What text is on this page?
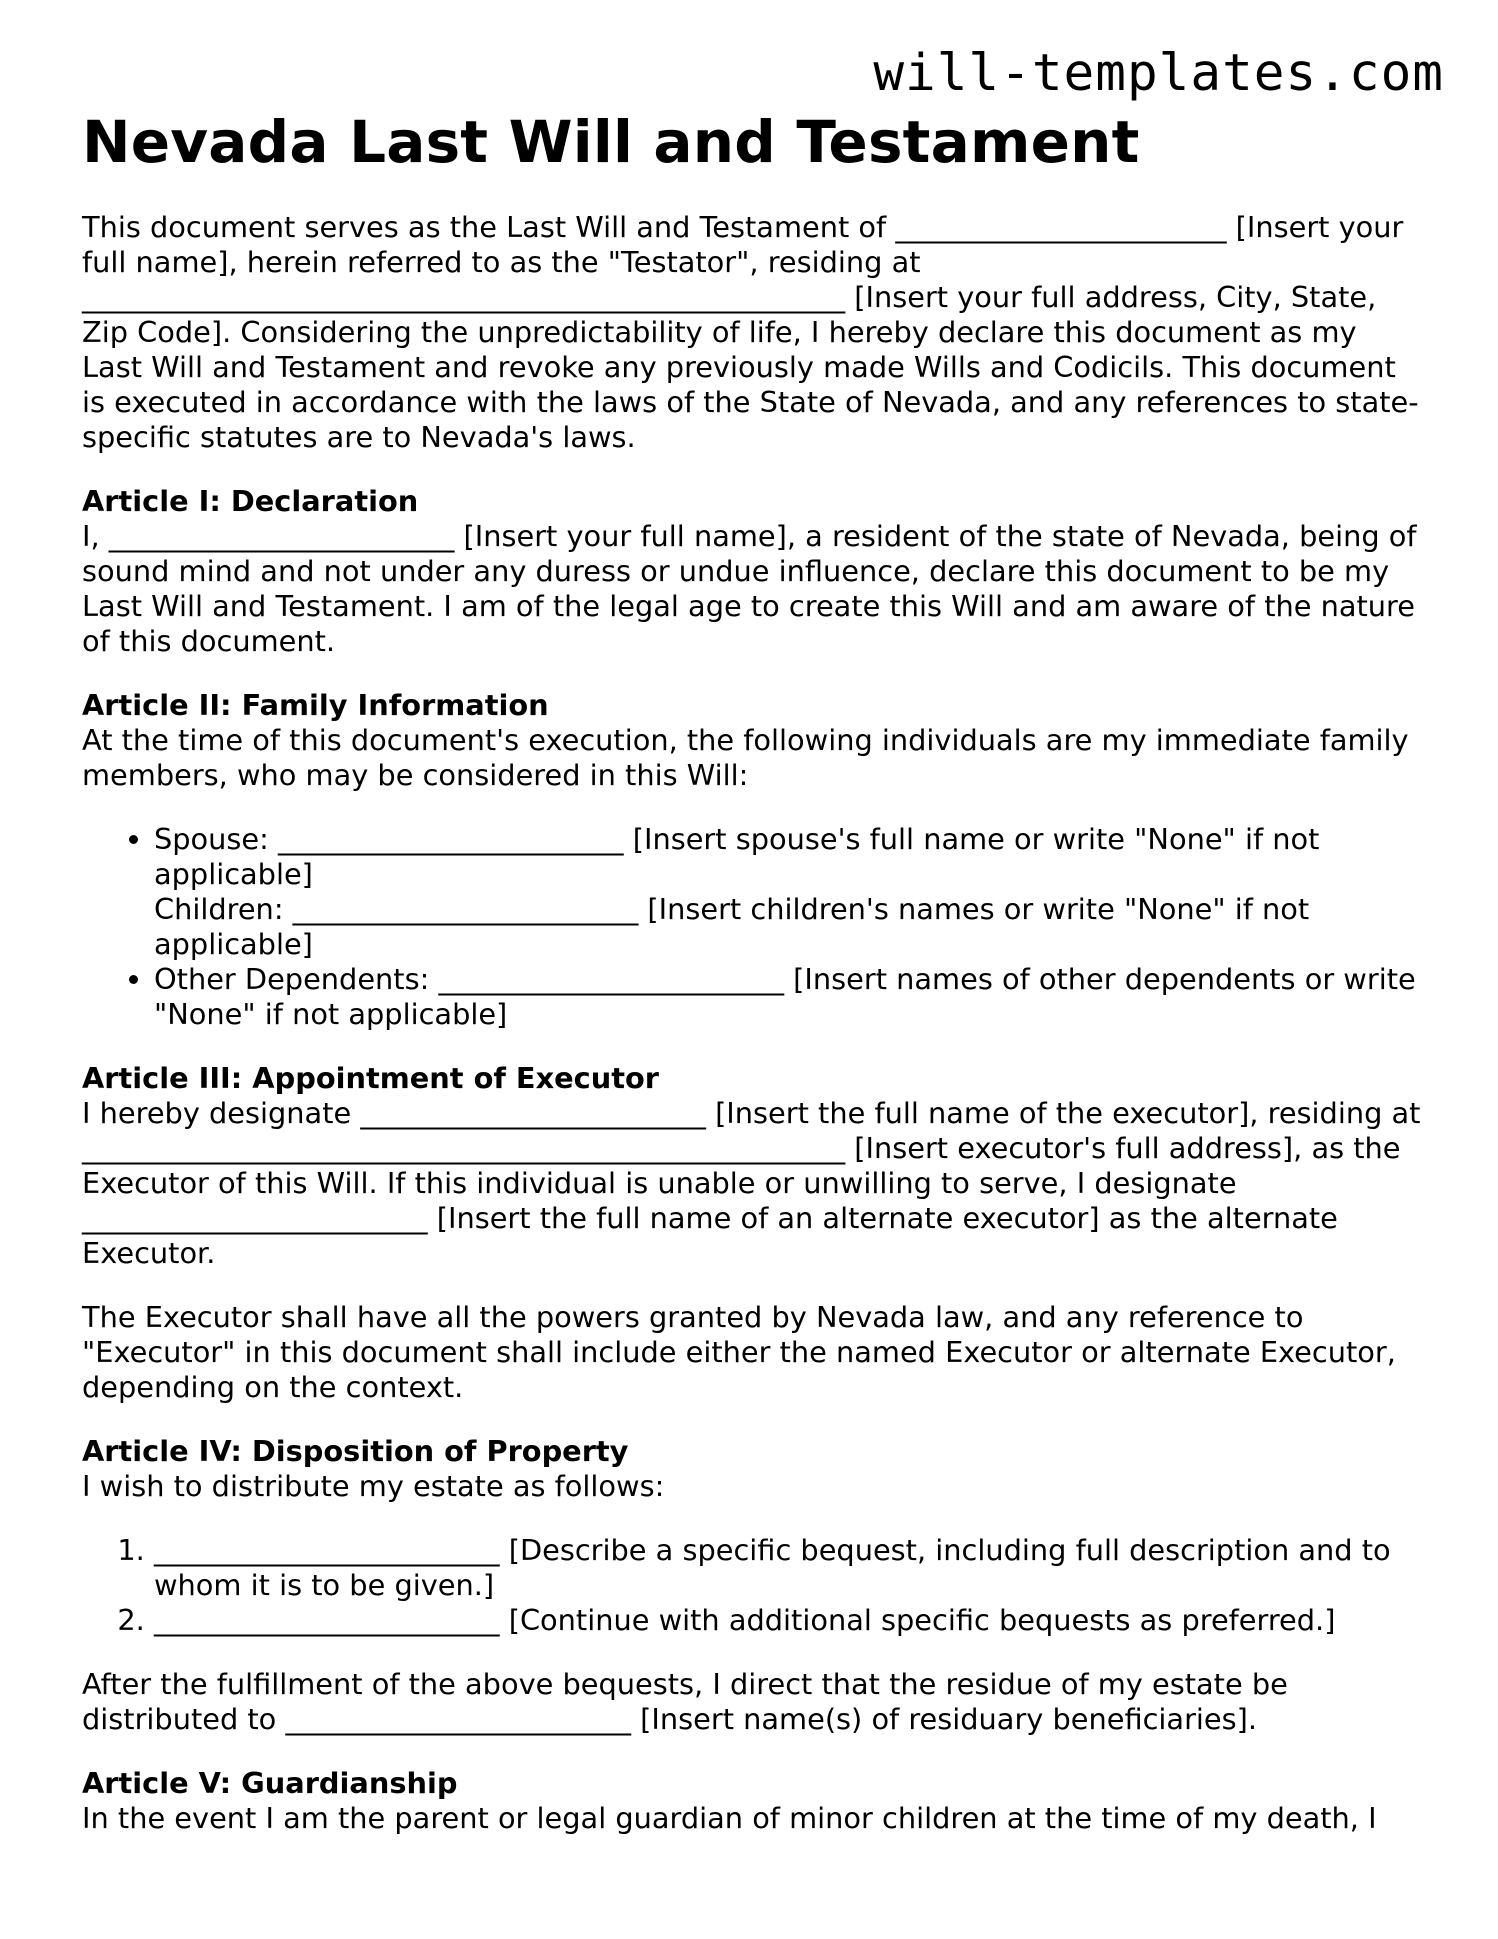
will-templates.com
Nevada Last Will and Testament

This document serves as the Last Will and Testament of _______________________ [Insert your full name], herein referred to as the "Testator", residing at _____________________________________________________ [Insert your full address, City, State, Zip Code]. Considering the unpredictability of life, I hereby declare this document as my Last Will and Testament and revoke any previously made Wills and Codicils. This document is executed in accordance with the laws of the State of Nevada, and any references to state-specific statutes are to Nevada's laws.

Article I: Declaration

I, ________________________ [Insert your full name], a resident of the state of Nevada, being of sound mind and not under any duress or undue influence, declare this document to be my Last Will and Testament. I am of the legal age to create this Will and am aware of the nature of this document.

Article II: Family Information

At the time of this document's execution, the following individuals are my immediate family members, who may be considered in this Will:

• Spouse: ________________________ [Insert spouse's full name or write "None" if not applicable]
Children: ________________________ [Insert children's names or write "None" if not applicable]
• Other Dependents: ________________________ [Insert names of other dependents or write "None" if not applicable]
Article III: Appointment of Executor

I hereby designate ________________________ [Insert the full name of the executor], residing at _____________________________________________________ [Insert executor's full address], as the Executor of this Will. If this individual is unable or unwilling to serve, I designate ________________________ [Insert the full name of an alternate executor] as the alternate Executor.

The Executor shall have all the powers granted by Nevada law, and any reference to "Executor" in this document shall include either the named Executor or alternate Executor, depending on the context.

Article IV: Disposition of Property

I wish to distribute my estate as follows:

1. ________________________ [Describe a specific bequest, including full description and to whom it is to be given.]
2. ________________________ [Continue with additional specific bequests as preferred.]

After the fulfillment of the above bequests, I direct that the residue of my estate be distributed to ________________________ [Insert name(s) of residuary beneficiaries].

Article V: Guardianship

In the event I am the parent or legal guardian of minor children at the time of my death, I
